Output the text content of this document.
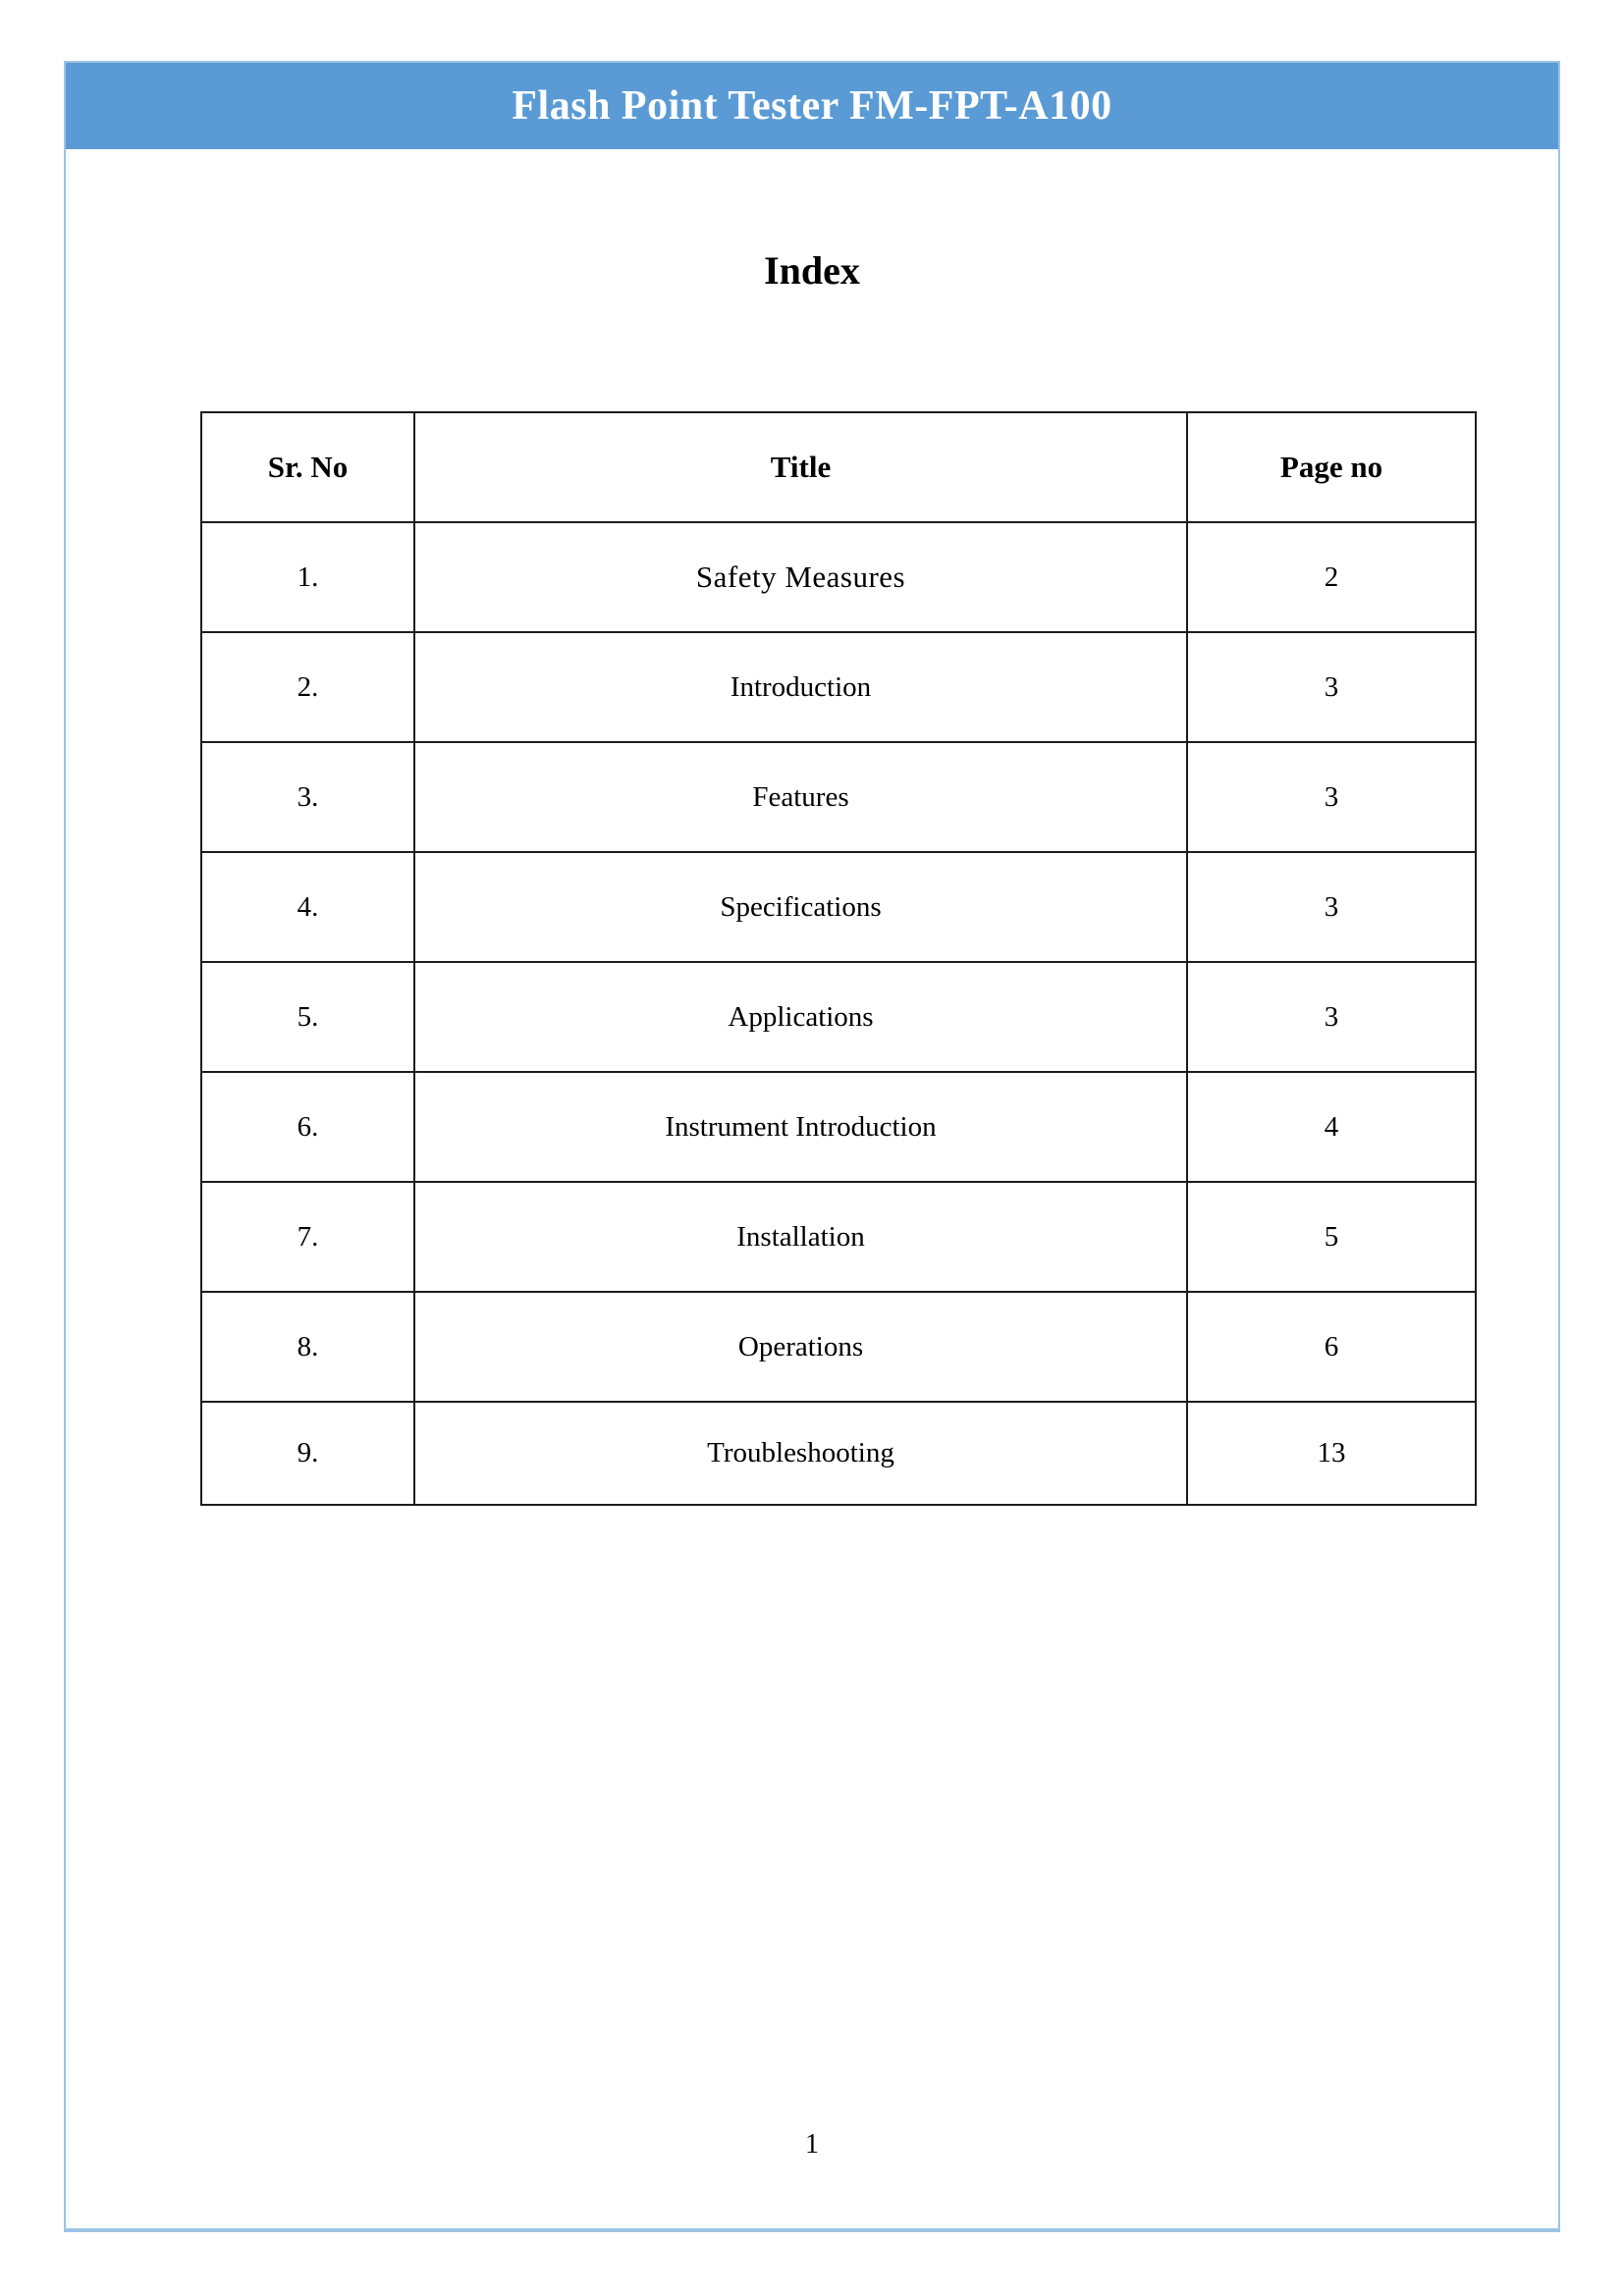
Flash Point Tester FM-FPT-A100
Index
Sr. No	Title	Page no
1.	Safety Measures	2
2.	Introduction	3
3.	Features	3
4.	Specifications	3
5.	Applications	3
6.	Instrument Introduction	4
7.	Installation	5
8.	Operations	6
9.	Troubleshooting	13
1
